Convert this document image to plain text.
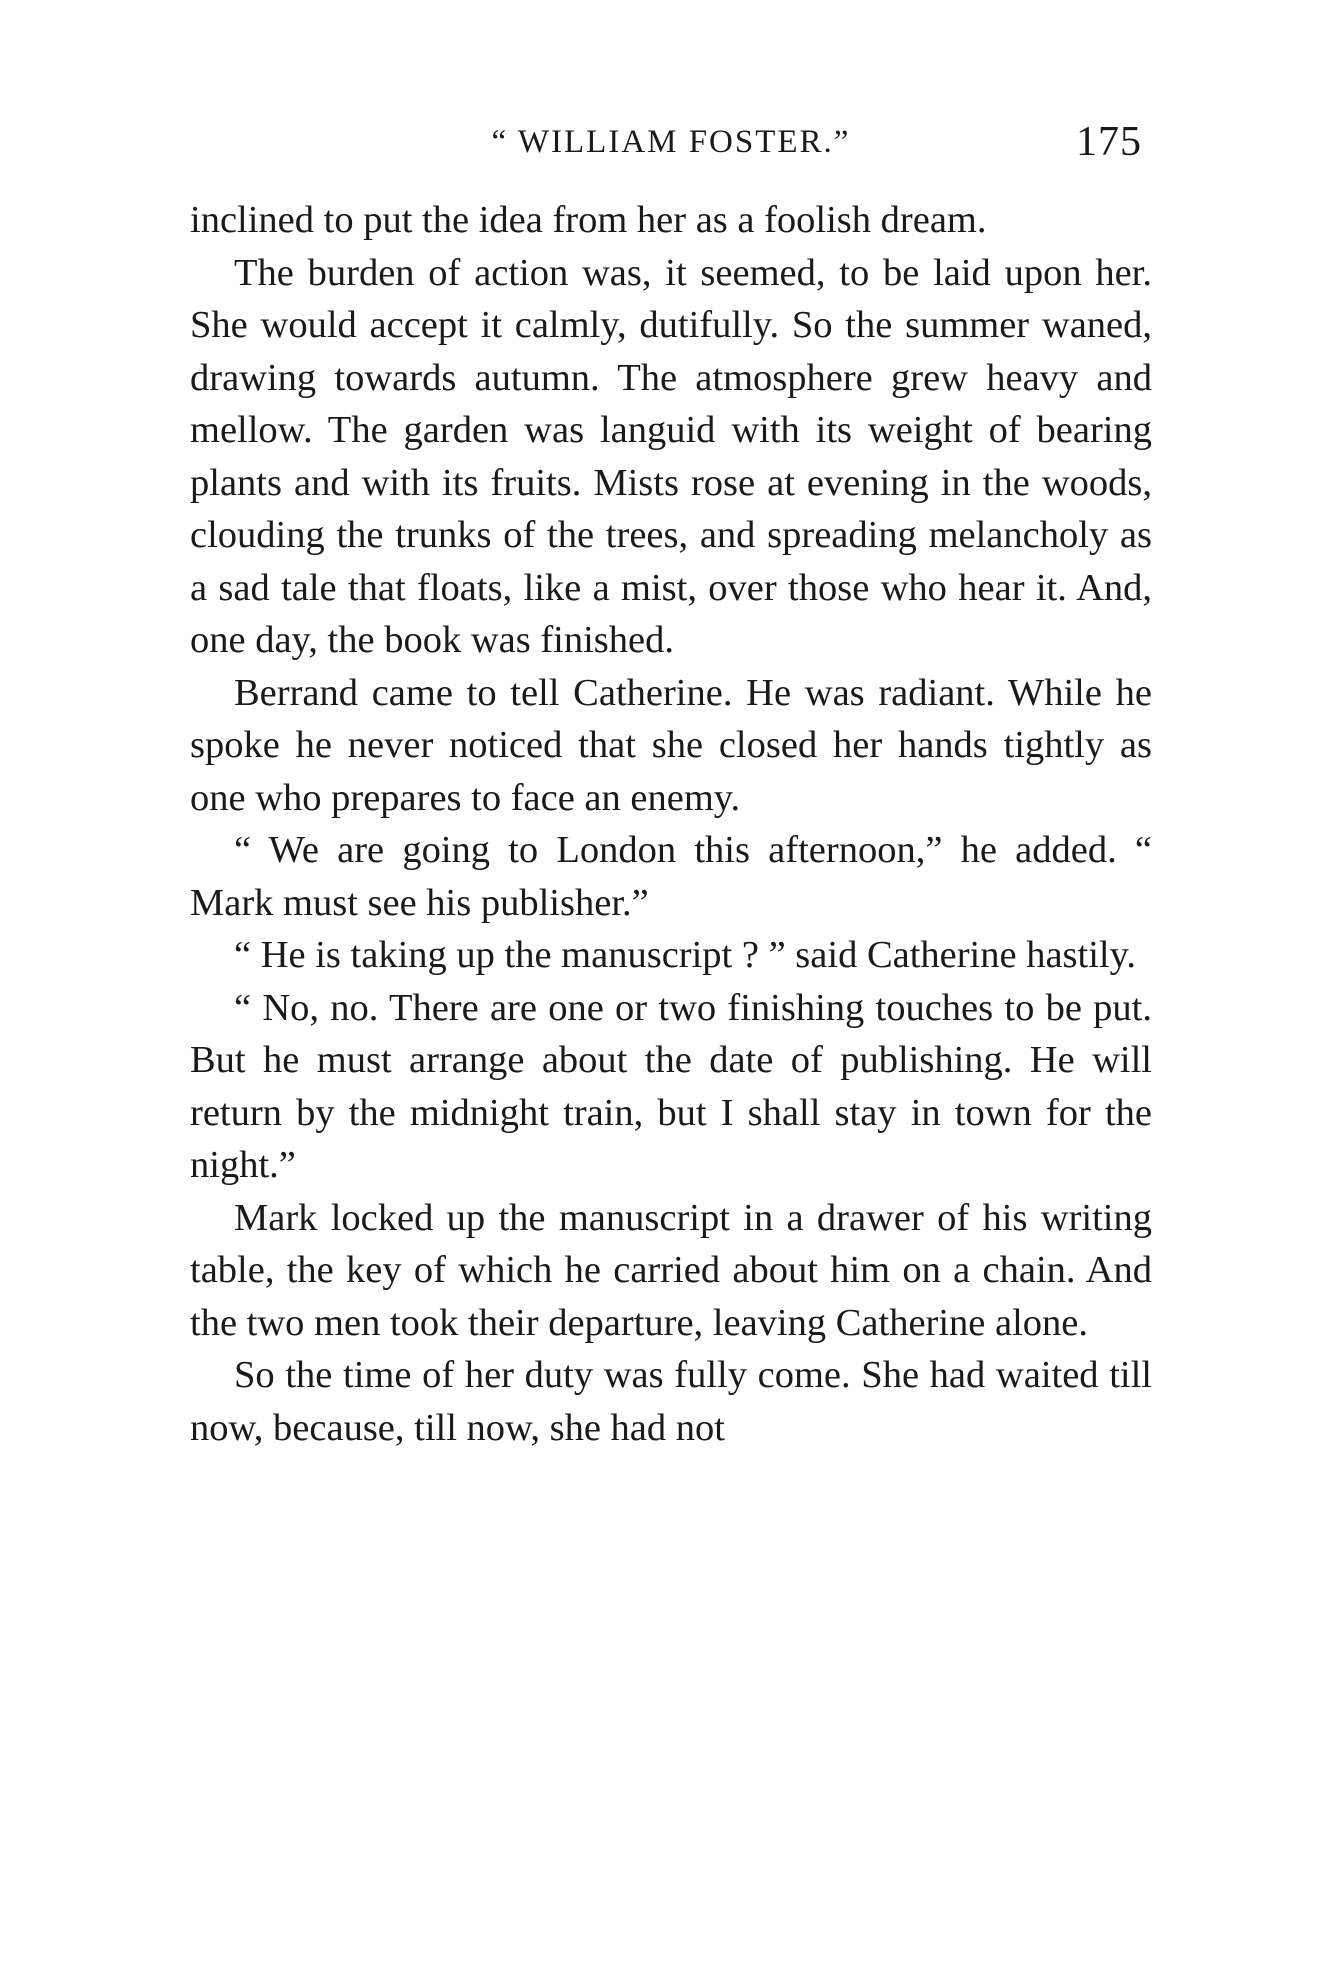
“ WILLIAM FOSTER.”	175

inclined to put the idea from her as a foolish dream.

The burden of action was, it seemed, to be laid upon her. She would accept it calmly, dutifully. So the summer waned, drawing towards autumn. The atmosphere grew heavy and mellow. The garden was languid with its weight of bearing plants and with its fruits. Mists rose at evening in the woods, clouding the trunks of the trees, and spreading melancholy as a sad tale that floats, like a mist, over those who hear it. And, one day, the book was finished.

Berrand came to tell Catherine. He was radiant. While he spoke he never noticed that she closed her hands tightly as one who prepares to face an enemy.

“ We are going to London this afternoon,” he added. “ Mark must see his publisher.”

“ He is taking up the manuscript ? ” said Catherine hastily.

“ No, no. There are one or two finishing touches to be put. But he must arrange about the date of publishing. He will return by the midnight train, but I shall stay in town for the night.”

Mark locked up the manuscript in a drawer of his writing table, the key of which he carried about him on a chain. And the two men took their departure, leaving Catherine alone.

So the time of her duty was fully come. She had waited till now, because, till now, she had not
